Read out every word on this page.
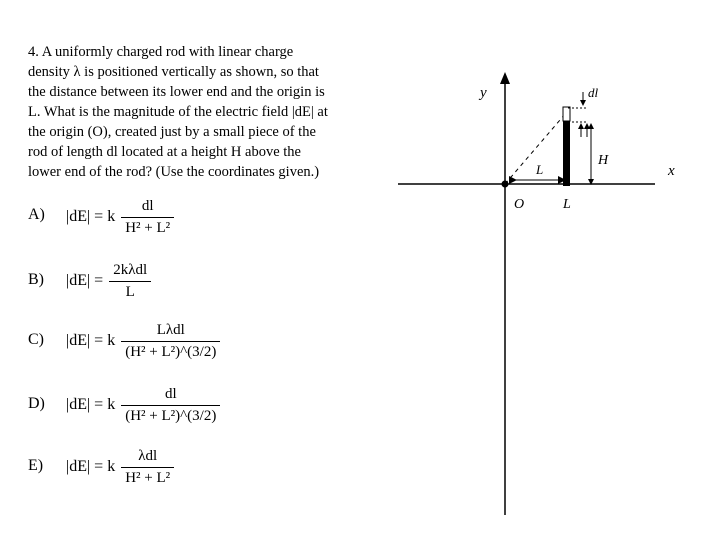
4. A uniformly charged rod with linear charge

density λ is positioned vertically as shown, so that

the distance between its lower end and the origin is

L. What is the magnitude of the electric field |dE| at

the origin (O), created just by a small piece of the

rod of length dl located at a height H above the

lower end of the rod? (Use the coordinates given.)

y
x
O	L
L
H
dl
A) |dE| = k $\frac{dl}{\text{H² + L²}}$
B) $|dE| = \frac{\text{2kλdl}}{L}$
C) |dE| = k $\frac{\text{Lλdl}}{\text{(H² + L²)\textasciicircum{}(3/2)}}$
D) |dE| = k $\frac{dl}{\text{(H² + L²)\textasciicircum{}(3/2)}}$
E) |dE| = k $\frac{\text{λdl}}{\text{H² + L²}}$
